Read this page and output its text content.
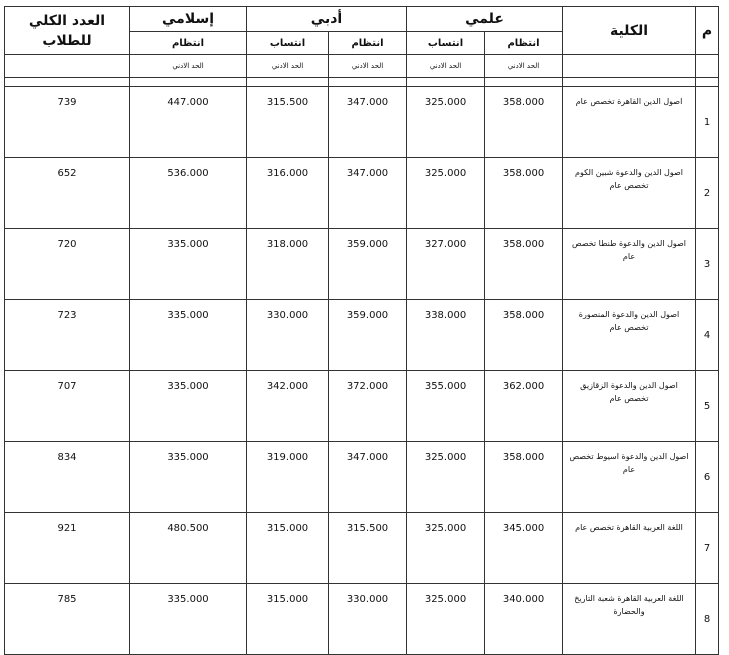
م	الكلية	علمي		أدبي		إسلامي	العدد الكلي
للطلاب

		انتظام	انتساب	انتظام	انتساب	انتظام	
		الحد الادني	الحد الادني	الحد الادني	الحد الادني	الحد الادني	

1	اصول الدين القاهرة تخصص عام	358.000	325.000	347.000	315.500	447.000	739
2	اصول الدين والدعوة شبين الكوم تخصص عام	358.000	325.000	347.000	316.000	536.000	652
3	اصول الدين والدعوة طنطا تخصص عام	358.000	327.000	359.000	318.000	335.000	720
4	اصول الدين والدعوة المنصورة تخصص عام	358.000	338.000	359.000	330.000	335.000	723
5	اصول الدين والدعوة الزقازيق تخصص عام	362.000	355.000	372.000	342.000	335.000	707
6	اصول الدين والدعوة اسيوط تخصص عام	358.000	325.000	347.000	319.000	335.000	834
7	اللغة العربية القاهرة تخصص عام	345.000	325.000	315.500	315.000	480.500	921
8	اللغة العربية القاهرة شعبة التاريخ والحضارة	340.000	325.000	330.000	315.000	335.000	785
